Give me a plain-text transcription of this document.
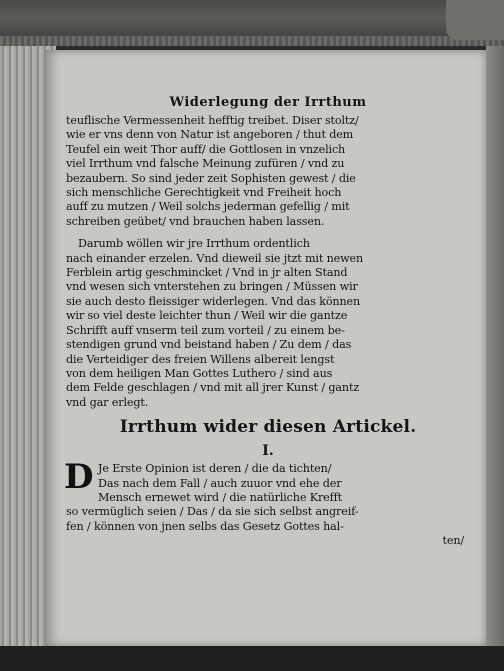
Widerlegung der Irrthum
teuflische Vermessenheit hefftig treibet. Diser stoltz/
wie er vns denn von Natur ist angeboren / thut dem
Teufel ein weit Thor auff/ die Gottlosen in vnzelich
viel Irrthum vnd falsche Meinung zufüren / vnd zu
bezaubern. So sind jeder zeit Sophisten gewest / die
sich menschliche Gerechtigkeit vnd Freiheit hoch
auff zu mutzen / Weil solchs jederman gefellig / mit
schreiben geübet/ vnd brauchen haben lassen.
Darumb wöllen wir jre Irrthum ordentlich
nach einander erzelen. Vnd dieweil sie jtzt mit newen
Ferblein artig geschmincket / Vnd in jr alten Stand
vnd wesen sich vnterstehen zu bringen / Müssen wir
sie auch desto fleissiger widerlegen. Vnd das können
wir so viel deste leichter thun / Weil wir die gantze
Schrifft auff vnserm teil zum vorteil / zu einem be-
stendigen grund vnd beistand haben / Zu dem / das
die Verteidiger des freien Willens albereit lengst
von dem heiligen Man Gottes Luthero / sind aus
dem Felde geschlagen / vnd mit all jrer Kunst / gantz
vnd gar erlegt.
Irrthum wider diesen Artickel.
I.
D Je Erste Opinion ist deren / die da tichten/
Das nach dem Fall / auch zuuor vnd ehe der
Mensch ernewet wird / die natürliche Krefft
so vermüglich seien / Das / da sie sich selbst angreif-
fen / können von jnen selbs das Gesetz Gottes hal-
ten/
